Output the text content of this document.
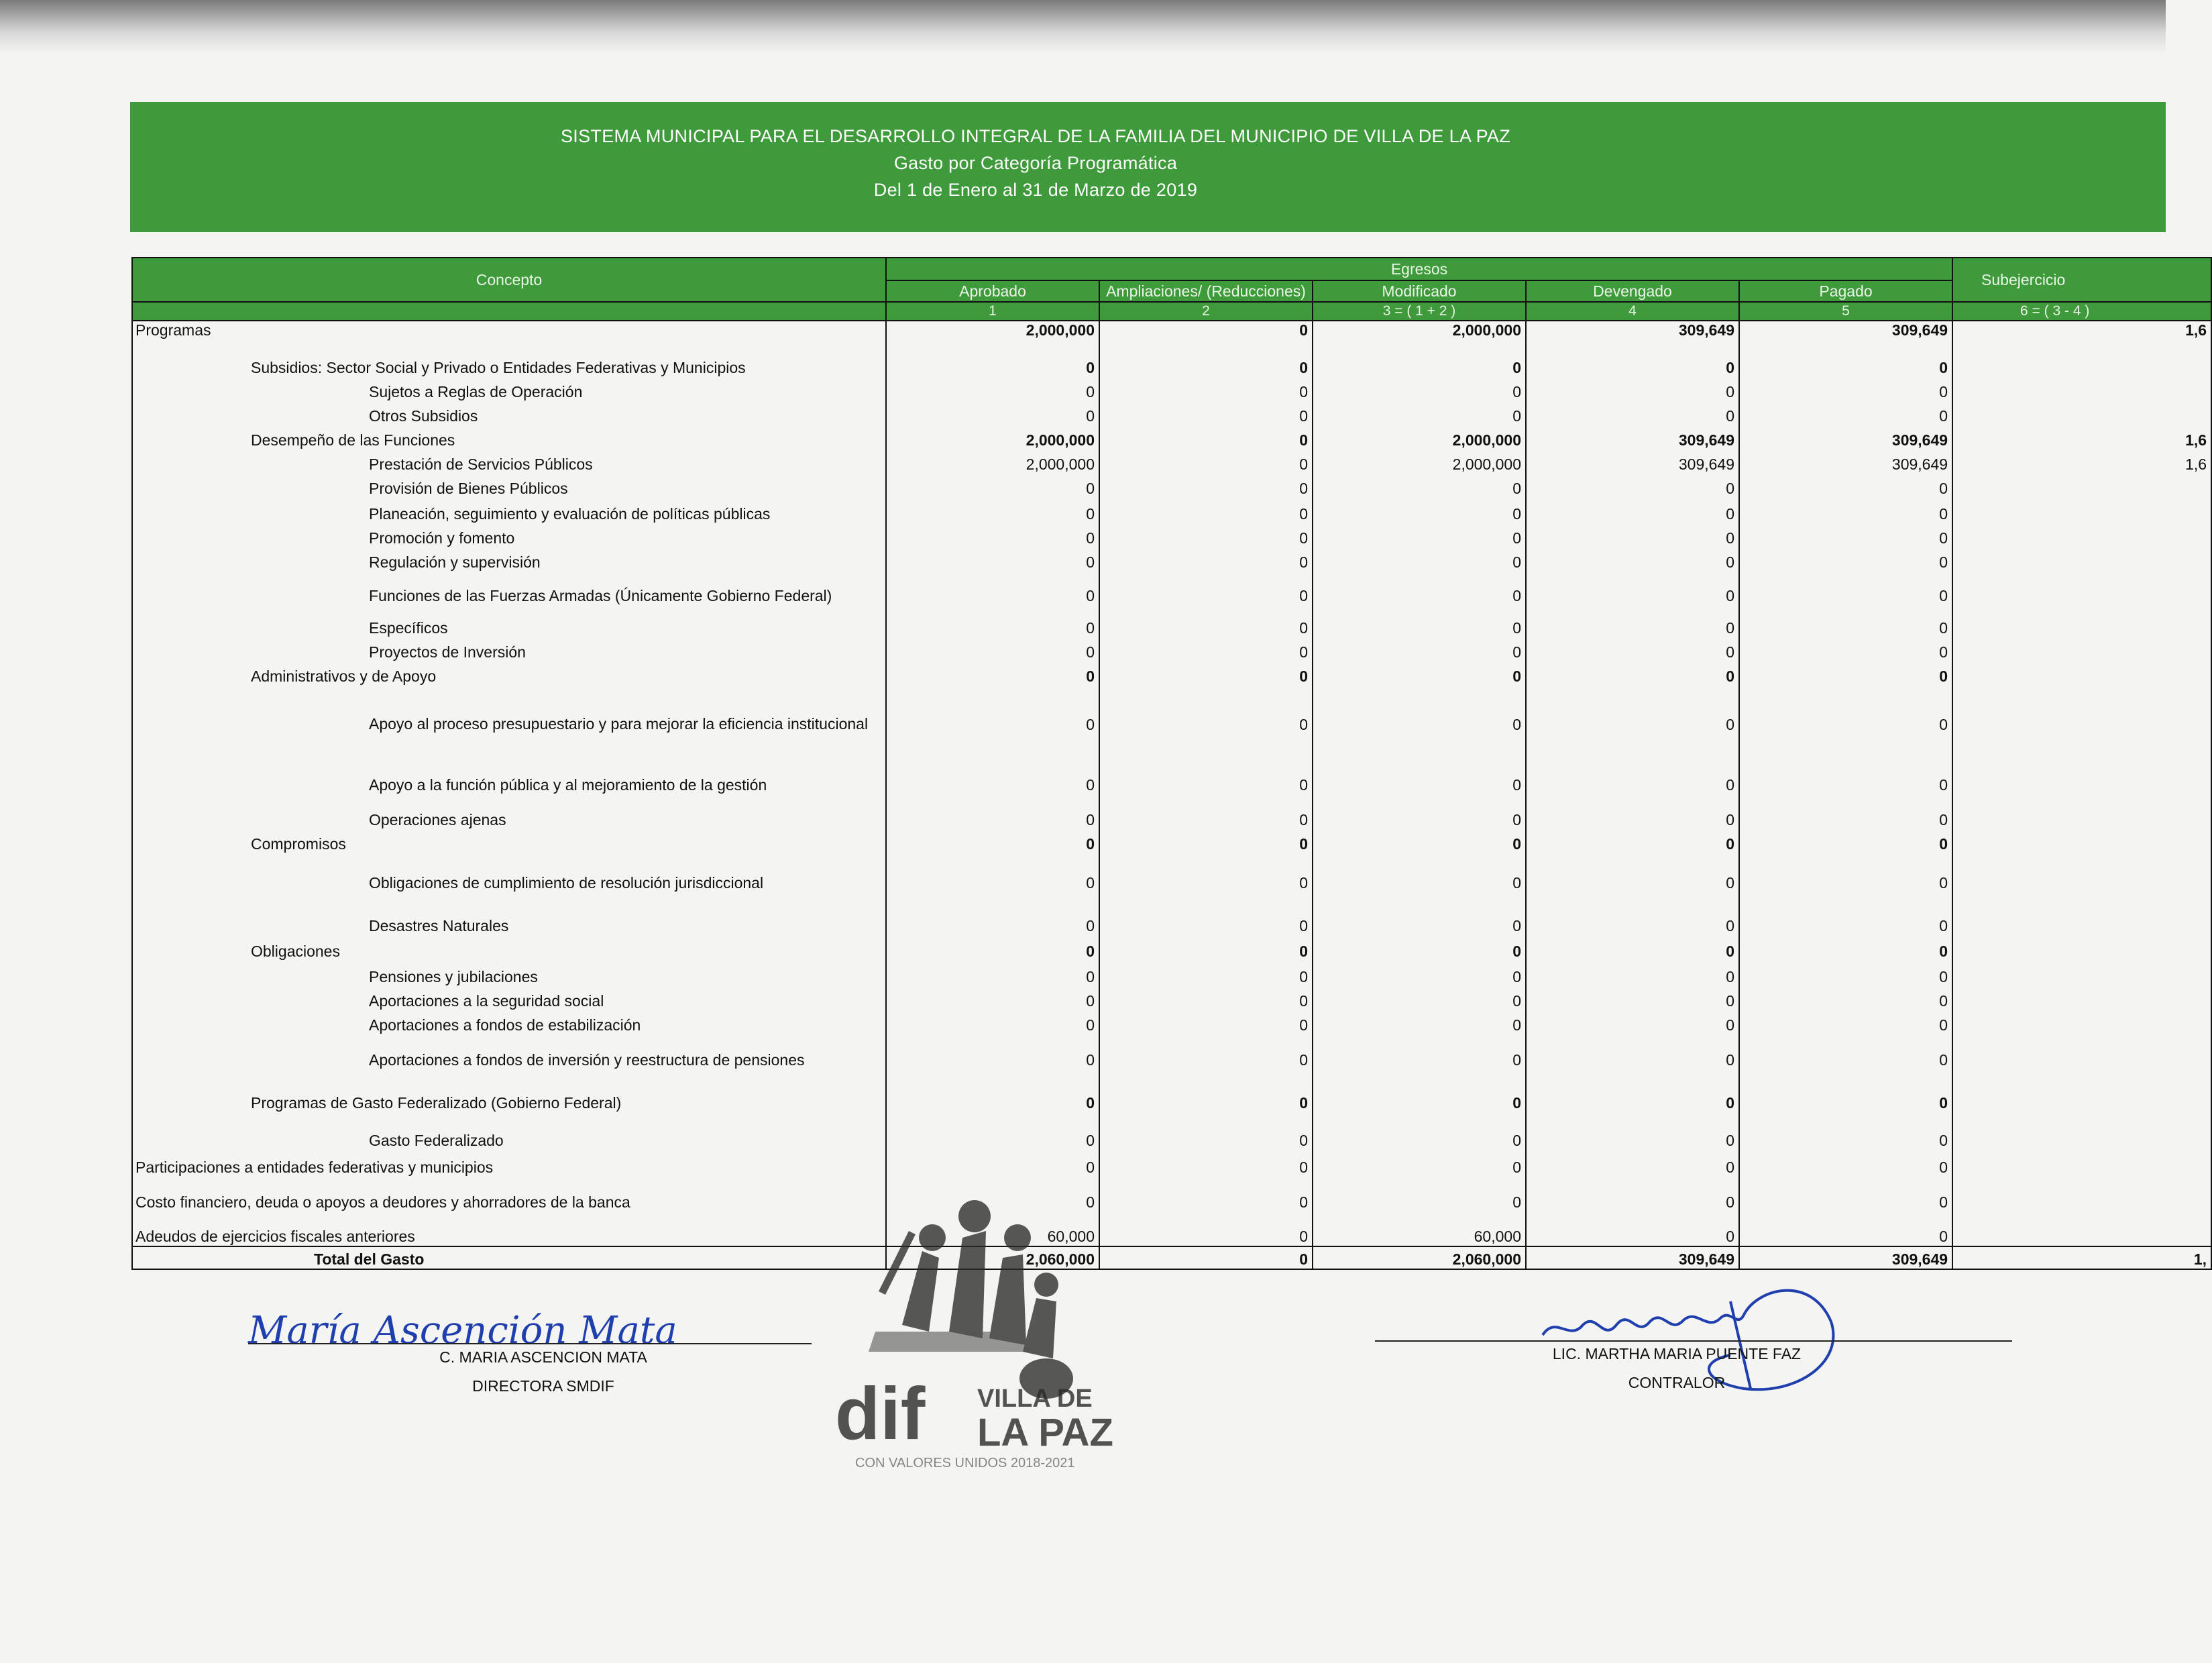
SISTEMA MUNICIPAL PARA EL DESARROLLO INTEGRAL DE LA FAMILIA DEL MUNICIPIO DE VILLA DE LA PAZ
Gasto por Categoría Programática
Del 1 de Enero al 31 de Marzo de 2019
Concepto	Egresos					Subejercicio
	Aprobado	Ampliaciones/ (Reducciones)	Modificado	Devengado	Pagado	
	1	2	3 = ( 1 + 2 )	4	5	6 = ( 3 - 4 )
Programas	2,000,000	0	2,000,000	309,649	309,649	1,6
Subsidios: Sector Social y Privado o Entidades Federativas y Municipios	0	0	0	0	0	
Sujetos a Reglas de Operación	0	0	0	0	0	
Otros Subsidios	0	0	0	0	0	
Desempeño de las Funciones	2,000,000	0	2,000,000	309,649	309,649	1,6
Prestación de Servicios Públicos	2,000,000	0	2,000,000	309,649	309,649	1,6
Provisión de Bienes Públicos	0	0	0	0	0	
Planeación, seguimiento y evaluación de políticas públicas	0	0	0	0	0	
Promoción y fomento	0	0	0	0	0	
Regulación y supervisión	0	0	0	0	0	
Funciones de las Fuerzas Armadas (Únicamente Gobierno Federal)	0	0	0	0	0	
Específicos	0	0	0	0	0	
Proyectos de Inversión	0	0	0	0	0	
Administrativos y de Apoyo	0	0	0	0	0	

Apoyo al proceso presupuestario y para mejorar la eficiencia institucional	0	0	0	0	0	
Apoyo a la función pública y al mejoramiento de la gestión	0	0	0	0	0	
Operaciones ajenas	0	0	0	0	0	
Compromisos	0	0	0	0	0	
Obligaciones de cumplimiento de resolución jurisdiccional	0	0	0	0	0	
Desastres Naturales	0	0	0	0	0	
Obligaciones	0	0	0	0	0	
Pensiones y jubilaciones	0	0	0	0	0	
Aportaciones a la seguridad social	0	0	0	0	0	
Aportaciones a fondos de estabilización	0	0	0	0	0	
Aportaciones a fondos de inversión y reestructura de pensiones	0	0	0	0	0	
Programas de Gasto Federalizado (Gobierno Federal)	0	0	0	0	0	
Gasto Federalizado	0	0	0	0	0	
Participaciones a entidades federativas y municipios	0	0	0	0	0	
Costo financiero, deuda o apoyos a deudores y ahorradores de la banca	0	0	0	0	0	
Adeudos de ejercicios fiscales anteriores	60,000	0	60,000	0	0	
Total del Gasto	2,060,000	0	2,060,000	309,649	309,649	1,
dif VILLA DE
LA PAZ
CON VALORES UNIDOS 2018-2021
María Ascención Mata
C. MARIA ASCENCION MATA
DIRECTORA SMDIF
LIC. MARTHA MARIA PUENTE FAZ
CONTRALOR
